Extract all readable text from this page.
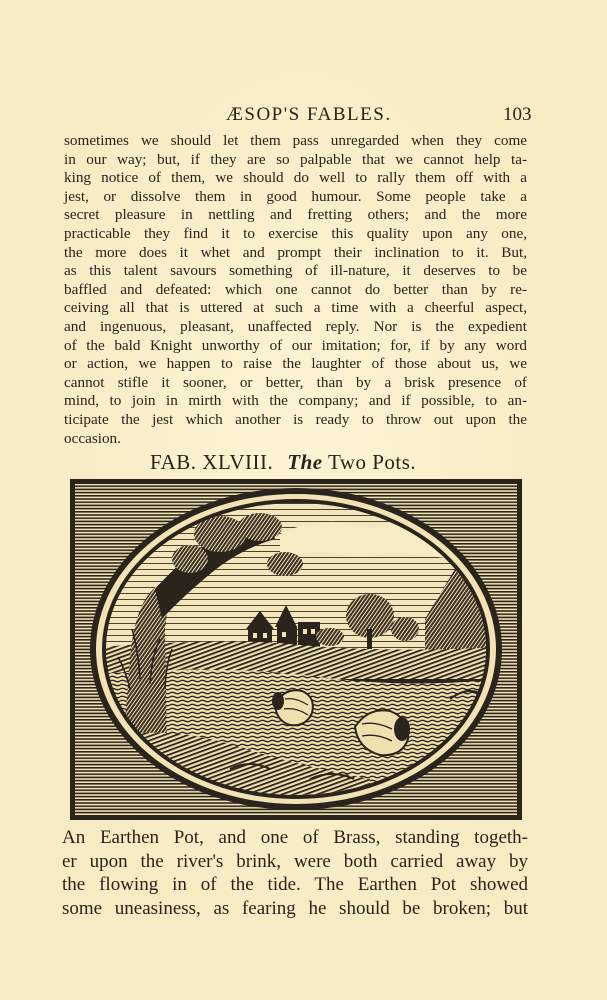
ÆSOP'S FABLES.	103
sometimes we should let them pass unregarded when they come
in our way; but, if they are so palpable that we cannot help ta-
king notice of them, we should do well to rally them off with a
jest, or dissolve them in good humour. Some people take a
secret pleasure in nettling and fretting others; and the more
practicable they find it to exercise this quality upon any one,
the more does it whet and prompt their inclination to it. But,
as this talent savours something of ill-nature, it deserves to be
baffled and defeated: which one cannot do better than by re-
ceiving all that is uttered at such a time with a cheerful aspect,
and ingenuous, pleasant, unaffected reply. Nor is the expedient
of the bald Knight unworthy of our imitation; for, if by any word
or action, we happen to raise the laughter of those about us, we
cannot stifle it sooner, or better, than by a brisk presence of
mind, to join in mirth with the company; and if possible, to an-
ticipate the jest which another is ready to throw out upon the
occasion.
FAB. XLVIII. The Two Pots.
An Earthen Pot, and one of Brass, standing togeth-
er upon the river's brink, were both carried away by
the flowing in of the tide. The Earthen Pot showed
some uneasiness, as fearing he should be broken; but
